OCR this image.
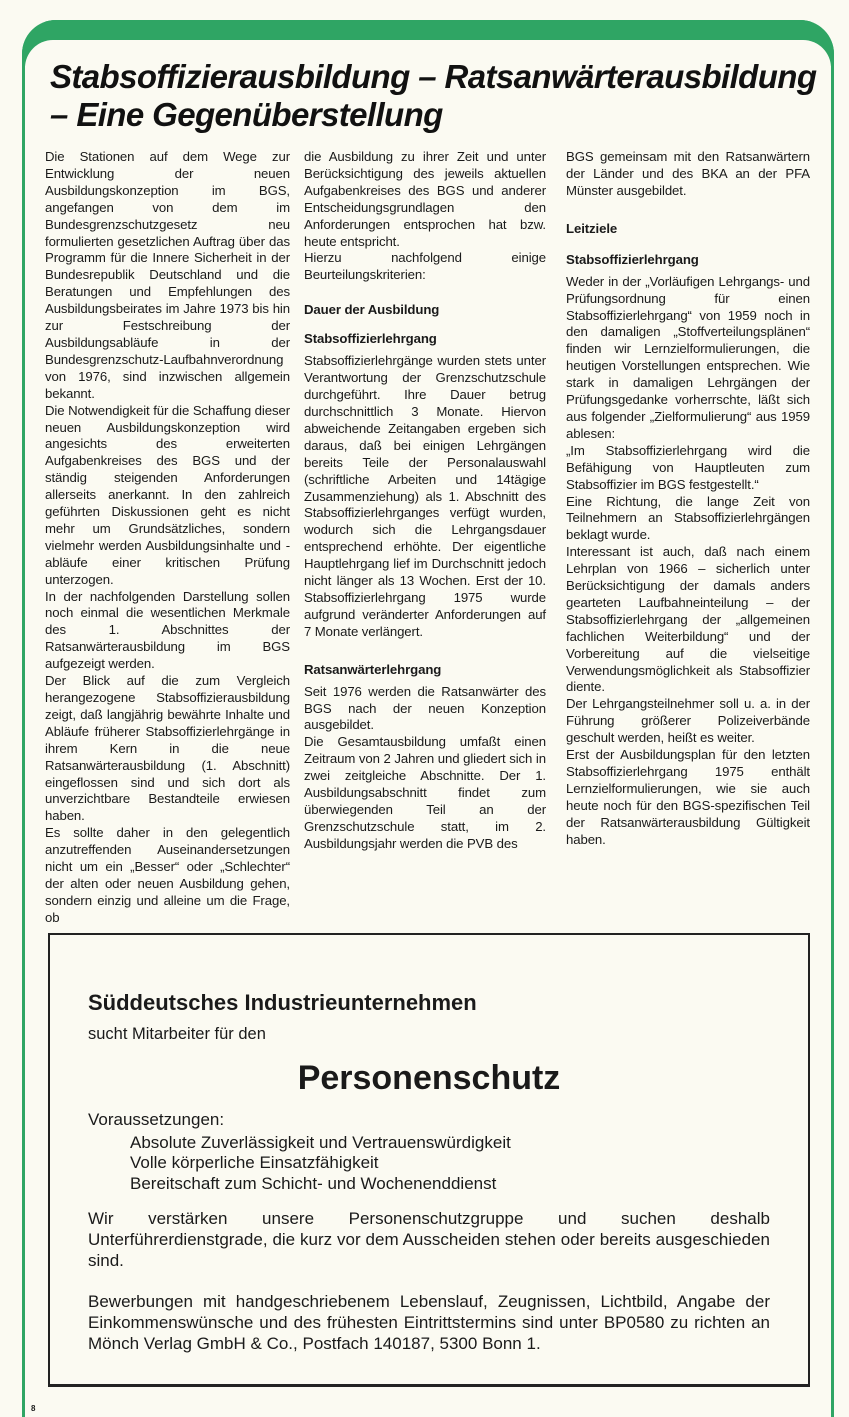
Stabsoffizierausbildung – Ratsanwärterausbildung – Eine Gegenüberstellung

Die Stationen auf dem Wege zur Entwicklung der neuen Ausbildungskonzeption im BGS, angefangen von dem im Bundesgrenzschutzgesetz neu formulierten gesetzlichen Auftrag über das Programm für die Innere Sicherheit in der Bundesrepublik Deutschland und die Beratungen und Empfehlungen des Ausbildungsbeirates im Jahre 1973 bis hin zur Festschreibung der Ausbildungsabläufe in der Bundesgrenzschutz-Laufbahnverordnung von 1976, sind inzwischen allgemein bekannt.

Die Notwendigkeit für die Schaffung dieser neuen Ausbildungskonzeption wird angesichts des erweiterten Aufgabenkreises des BGS und der ständig steigenden Anforderungen allerseits anerkannt. In den zahlreich geführten Diskussionen geht es nicht mehr um Grundsätzliches, sondern vielmehr werden Ausbildungsinhalte und -abläufe einer kritischen Prüfung unterzogen.

In der nachfolgenden Darstellung sollen noch einmal die wesentlichen Merkmale des 1. Abschnittes der Ratsanwärterausbildung im BGS aufgezeigt werden.

Der Blick auf die zum Vergleich herangezogene Stabsoffizierausbildung zeigt, daß langjährig bewährte Inhalte und Abläufe früherer Stabsoffizierlehrgänge in ihrem Kern in die neue Ratsanwärterausbildung (1. Abschnitt) eingeflossen sind und sich dort als unverzichtbare Bestandteile erwiesen haben.

Es sollte daher in den gelegentlich anzutreffenden Auseinandersetzungen nicht um ein „Besser“ oder „Schlechter“ der alten oder neuen Ausbildung gehen, sondern einzig und alleine um die Frage, ob

die Ausbildung zu ihrer Zeit und unter Berücksichtigung des jeweils aktuellen Aufgabenkreises des BGS und anderer Entscheidungsgrundlagen den Anforderungen entsprochen hat bzw. heute entspricht.

Hierzu nachfolgend einige Beurteilungskriterien:

Dauer der Ausbildung
Stabsoffizierlehrgang

Stabsoffizierlehrgänge wurden stets unter Verantwortung der Grenzschutzschule durchgeführt. Ihre Dauer betrug durchschnittlich 3 Monate. Hiervon abweichende Zeitangaben ergeben sich daraus, daß bei einigen Lehrgängen bereits Teile der Personalauswahl (schriftliche Arbeiten und 14tägige Zusammenziehung) als 1. Abschnitt des Stabsoffizierlehrganges verfügt wurden, wodurch sich die Lehrgangsdauer entsprechend erhöhte. Der eigentliche Hauptlehrgang lief im Durchschnitt jedoch nicht länger als 13 Wochen. Erst der 10. Stabsoffizierlehrgang 1975 wurde aufgrund veränderter Anforderungen auf 7 Monate verlängert.

Ratsanwärterlehrgang

Seit 1976 werden die Ratsanwärter des BGS nach der neuen Konzeption ausgebildet.

Die Gesamtausbildung umfaßt einen Zeitraum von 2 Jahren und gliedert sich in zwei zeitgleiche Abschnitte. Der 1. Ausbildungsabschnitt findet zum überwiegenden Teil an der Grenzschutzschule statt, im 2. Ausbildungsjahr werden die PVB des

BGS gemeinsam mit den Ratsanwärtern der Länder und des BKA an der PFA Münster ausgebildet.

Leitziele
Stabsoffizierlehrgang

Weder in der „Vorläufigen Lehrgangs- und Prüfungsordnung für einen Stabsoffizierlehrgang“ von 1959 noch in den damaligen „Stoffverteilungsplänen“ finden wir Lernzielformulierungen, die heutigen Vorstellungen entsprechen. Wie stark in damaligen Lehrgängen der Prüfungsgedanke vorherrschte, läßt sich aus folgender „Zielformulierung“ aus 1959 ablesen:

„Im Stabsoffizierlehrgang wird die Befähigung von Hauptleuten zum Stabsoffizier im BGS festgestellt.“

Eine Richtung, die lange Zeit von Teilnehmern an Stabsoffizierlehrgängen beklagt wurde.

Interessant ist auch, daß nach einem Lehrplan von 1966 – sicherlich unter Berücksichtigung der damals anders gearteten Laufbahneinteilung – der Stabsoffizierlehrgang der „allgemeinen fachlichen Weiterbildung“ und der Vorbereitung auf die vielseitige Verwendungsmöglichkeit als Stabsoffizier diente.

Der Lehrgangsteilnehmer soll u. a. in der Führung größerer Polizeiverbände geschult werden, heißt es weiter.

Erst der Ausbildungsplan für den letzten Stabsoffizierlehrgang 1975 enthält Lernzielformulierungen, wie sie auch heute noch für den BGS-spezifischen Teil der Ratsanwärterausbildung Gültigkeit haben.

Süddeutsches Industrieunternehmen
sucht Mitarbeiter für den
Personenschutz
Voraussetzungen:
Absolute Zuverlässigkeit und Vertrauenswürdigkeit
Volle körperliche Einsatzfähigkeit
Bereitschaft zum Schicht- und Wochenenddienst

Wir verstärken unsere Personenschutzgruppe und suchen deshalb Unterführerdienstgrade, die kurz vor dem Ausscheiden stehen oder bereits ausgeschieden sind.

Bewerbungen mit handgeschriebenem Lebenslauf, Zeugnissen, Lichtbild, Angabe der Einkommenswünsche und des frühesten Eintrittstermins sind unter BP0580 zu richten an Mönch Verlag GmbH & Co., Postfach 140187, 5300 Bonn 1.

8
